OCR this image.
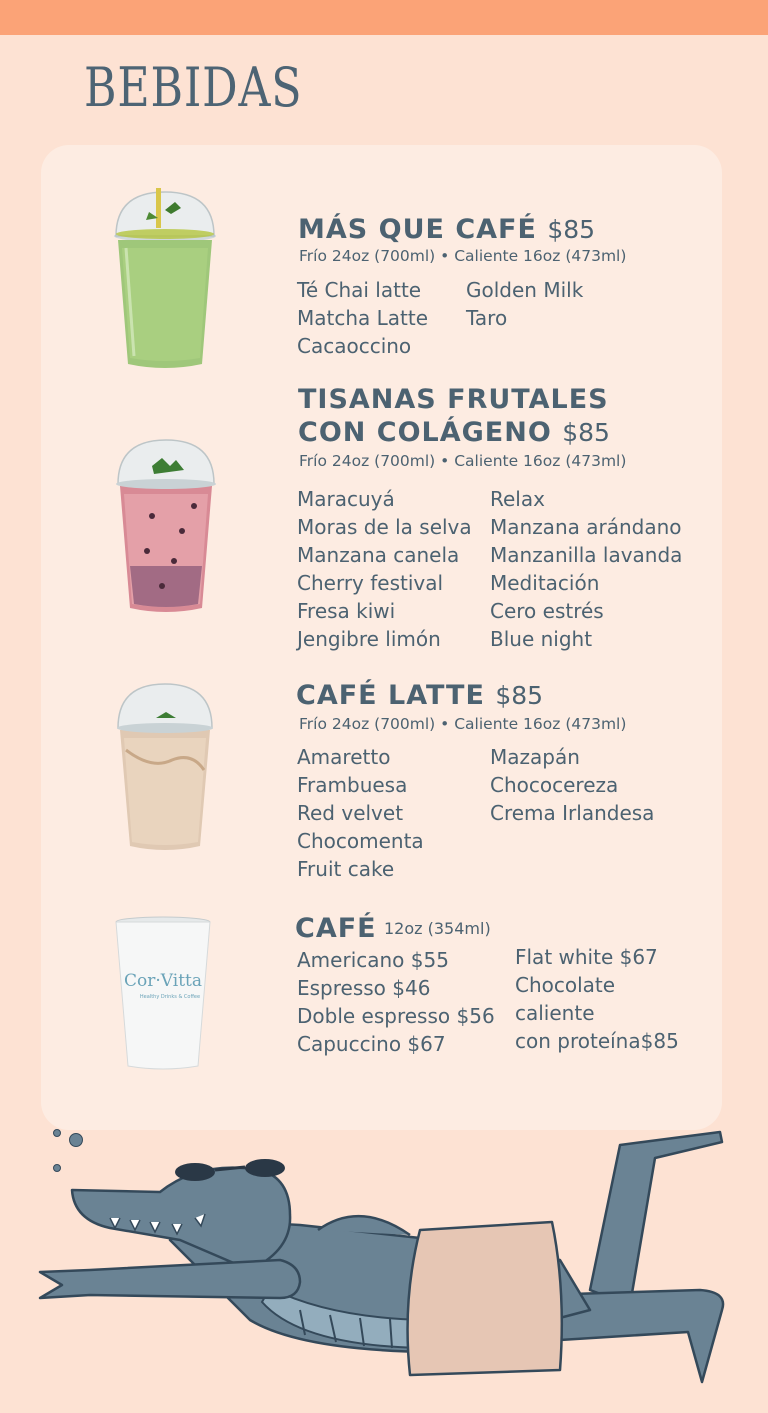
BEBIDAS
MÁS QUE CAFÉ $85
Frío 24oz (700ml) • Caliente 16oz (473ml)
Té Chai latte
Matcha Latte
Cacaoccino
Golden Milk
Taro
TISANAS FRUTALES
CON COLÁGENO $85
Frío 24oz (700ml) • Caliente 16oz (473ml)
Maracuyá
Moras de la selva
Manzana canela
Cherry festival
Fresa kiwi
Jengibre limón
Relax
Manzana arándano
Manzanilla lavanda
Meditación
Cero estrés
Blue night
CAFÉ LATTE $85
Frío 24oz (700ml) • Caliente 16oz (473ml)
Amaretto
Frambuesa
Red velvet
Chocomenta
Fruit cake
Mazapán
Chococereza
Crema Irlandesa
Cor·Vitta
Healthy Drinks & Coffee
CAFÉ 12oz (354ml)
Americano $55
Espresso $46
Doble espresso $56
Capuccino $67
Flat white $67
Chocolate
caliente
con proteína$85
